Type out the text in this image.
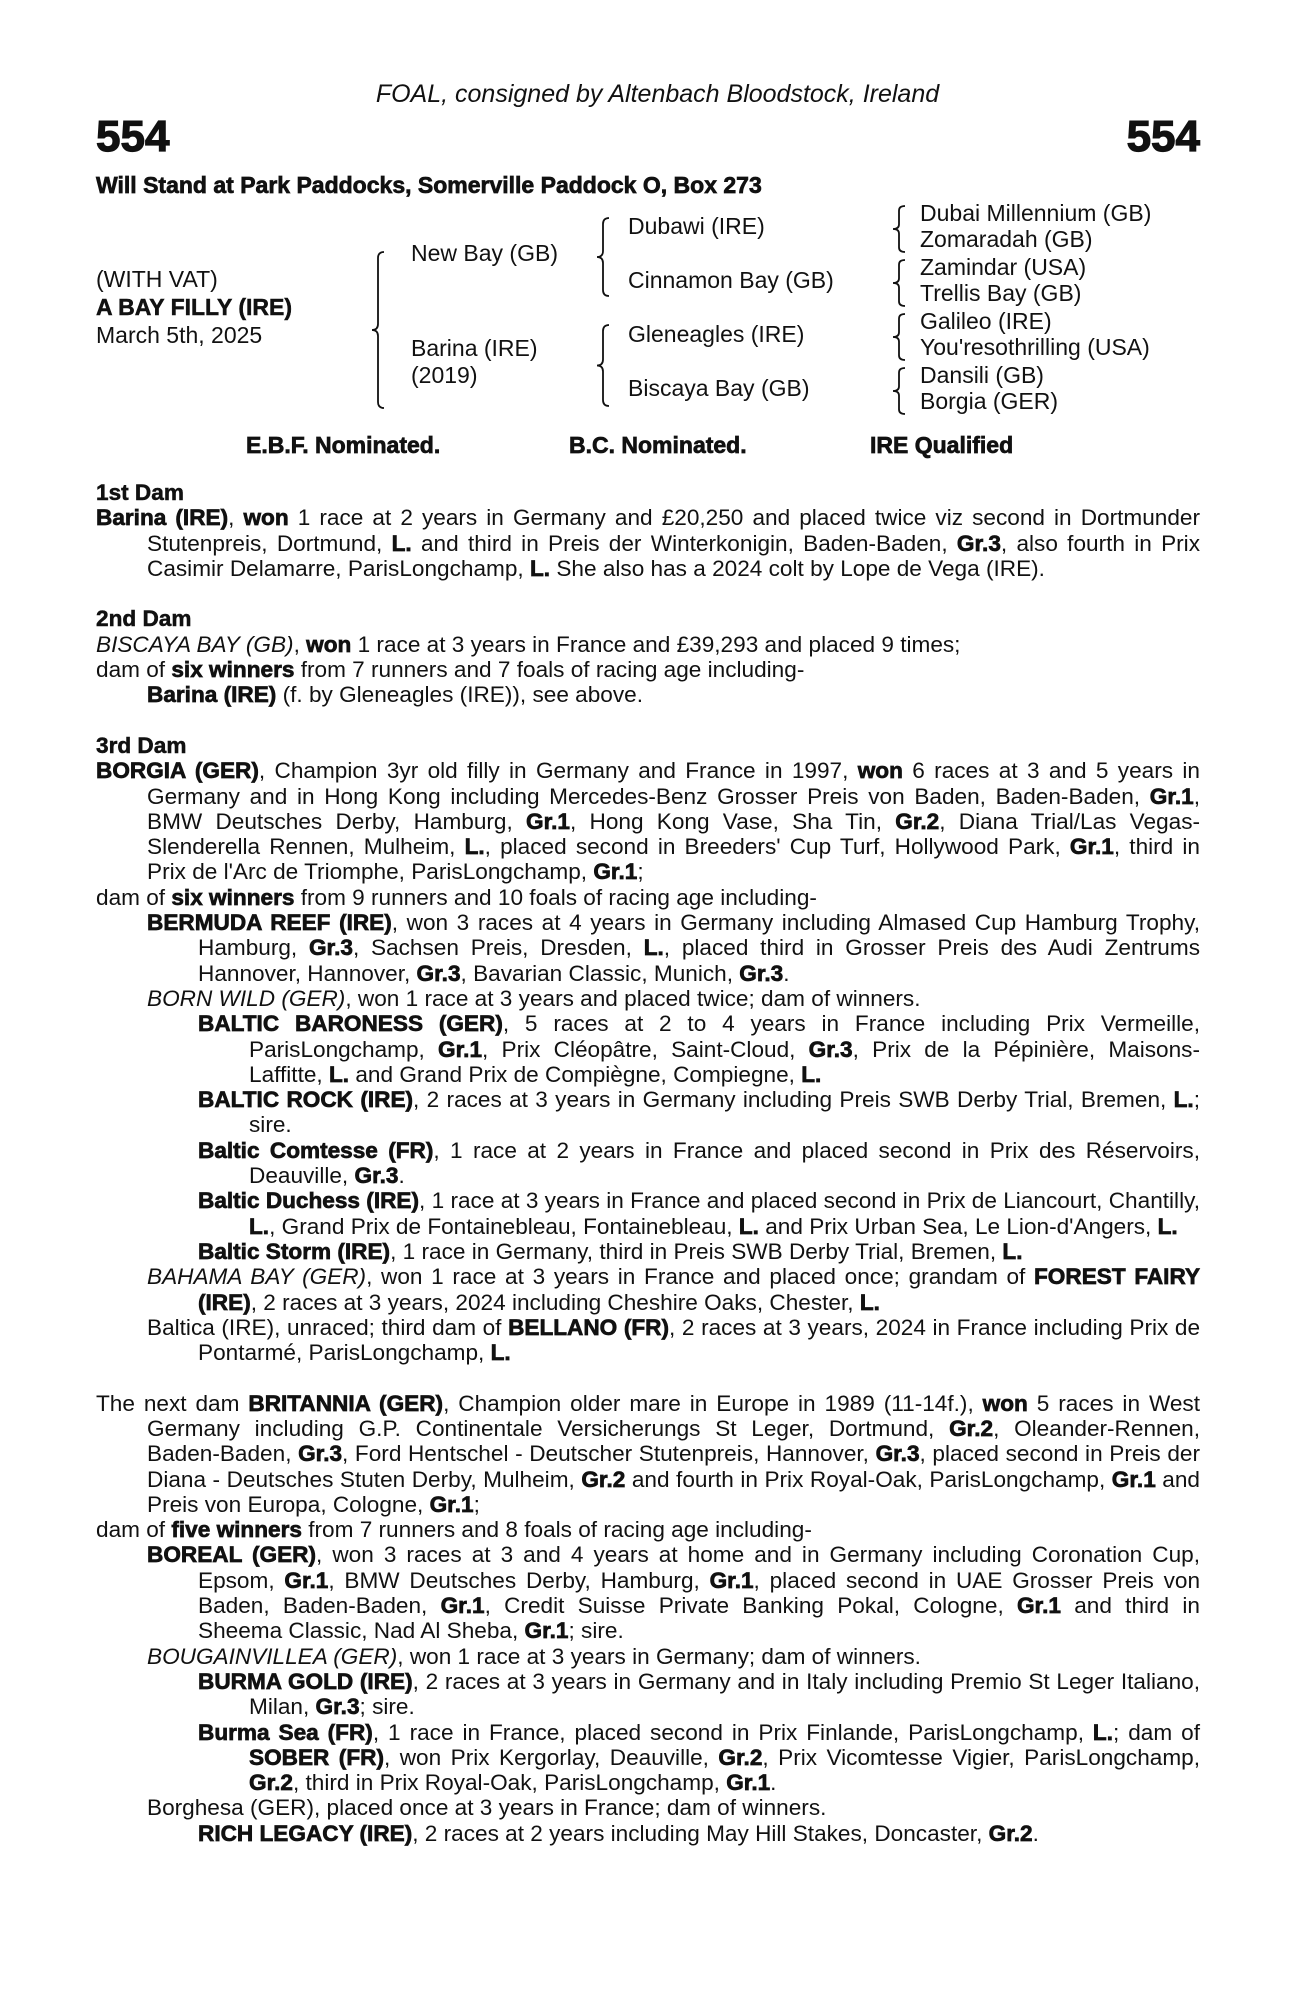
FOAL, consigned by Altenbach Bloodstock, Ireland
554	554
Will Stand at Park Paddocks, Somerville Paddock O, Box 273
(WITH VAT)
A BAY FILLY (IRE)
March 5th, 2025
New Bay (GB)
Barina (IRE)
(2019)
Dubawi (IRE)
Cinnamon Bay (GB)
Gleneagles (IRE)
Biscaya Bay (GB)
Dubai Millennium (GB)
Zomaradah (GB)
Zamindar (USA)
Trellis Bay (GB)
Galileo (IRE)
You'resothrilling (USA)
Dansili (GB)
Borgia (GER)
E.B.F. Nominated.	B.C. Nominated.	IRE Qualified
1st Dam
Barina (IRE), won 1 race at 2 years in Germany and £20,250 and placed twice viz second in Dortmunder Stutenpreis, Dortmund, L. and third in Preis der Winterkonigin, Baden-Baden, Gr.3, also fourth in Prix Casimir Delamarre, ParisLongchamp, L. She also has a 2024 colt by Lope de Vega (IRE).
2nd Dam
BISCAYA BAY (GB), won 1 race at 3 years in France and £39,293 and placed 9 times;
dam of six winners from 7 runners and 7 foals of racing age including-
Barina (IRE) (f. by Gleneagles (IRE)), see above.
3rd Dam
BORGIA (GER), Champion 3yr old filly in Germany and France in 1997, won 6 races at 3 and 5 years in Germany and in Hong Kong including Mercedes-Benz Grosser Preis von Baden, Baden-Baden, Gr.1, BMW Deutsches Derby, Hamburg, Gr.1, Hong Kong Vase, Sha Tin, Gr.2, Diana Trial/Las Vegas-Slenderella Rennen, Mulheim, L., placed second in Breeders' Cup Turf, Hollywood Park, Gr.1, third in Prix de l'Arc de Triomphe, ParisLongchamp, Gr.1;
dam of six winners from 9 runners and 10 foals of racing age including-
BERMUDA REEF (IRE), won 3 races at 4 years in Germany including Almased Cup Hamburg Trophy, Hamburg, Gr.3, Sachsen Preis, Dresden, L., placed third in Grosser Preis des Audi Zentrums Hannover, Hannover, Gr.3, Bavarian Classic, Munich, Gr.3.
BORN WILD (GER), won 1 race at 3 years and placed twice; dam of winners.
BALTIC BARONESS (GER), 5 races at 2 to 4 years in France including Prix Vermeille, ParisLongchamp, Gr.1, Prix Cléopâtre, Saint-Cloud, Gr.3, Prix de la Pépinière, Maisons-Laffitte, L. and Grand Prix de Compiègne, Compiegne, L.
BALTIC ROCK (IRE), 2 races at 3 years in Germany including Preis SWB Derby Trial, Bremen, L.; sire.
Baltic Comtesse (FR), 1 race at 2 years in France and placed second in Prix des Réservoirs, Deauville, Gr.3.
Baltic Duchess (IRE), 1 race at 3 years in France and placed second in Prix de Liancourt, Chantilly, L., Grand Prix de Fontainebleau, Fontainebleau, L. and Prix Urban Sea, Le Lion-d'Angers, L.
Baltic Storm (IRE), 1 race in Germany, third in Preis SWB Derby Trial, Bremen, L.
BAHAMA BAY (GER), won 1 race at 3 years in France and placed once; grandam of FOREST FAIRY (IRE), 2 races at 3 years, 2024 including Cheshire Oaks, Chester, L.
Baltica (IRE), unraced; third dam of BELLANO (FR), 2 races at 3 years, 2024 in France including Prix de Pontarmé, ParisLongchamp, L.
The next dam BRITANNIA (GER), Champion older mare in Europe in 1989 (11-14f.), won 5 races in West Germany including G.P. Continentale Versicherungs St Leger, Dortmund, Gr.2, Oleander-Rennen, Baden-Baden, Gr.3, Ford Hentschel - Deutscher Stutenpreis, Hannover, Gr.3, placed second in Preis der Diana - Deutsches Stuten Derby, Mulheim, Gr.2 and fourth in Prix Royal-Oak, ParisLongchamp, Gr.1 and Preis von Europa, Cologne, Gr.1;
dam of five winners from 7 runners and 8 foals of racing age including-
BOREAL (GER), won 3 races at 3 and 4 years at home and in Germany including Coronation Cup, Epsom, Gr.1, BMW Deutsches Derby, Hamburg, Gr.1, placed second in UAE Grosser Preis von Baden, Baden-Baden, Gr.1, Credit Suisse Private Banking Pokal, Cologne, Gr.1 and third in Sheema Classic, Nad Al Sheba, Gr.1; sire.
BOUGAINVILLEA (GER), won 1 race at 3 years in Germany; dam of winners.
BURMA GOLD (IRE), 2 races at 3 years in Germany and in Italy including Premio St Leger Italiano, Milan, Gr.3; sire.
Burma Sea (FR), 1 race in France, placed second in Prix Finlande, ParisLongchamp, L.; dam of SOBER (FR), won Prix Kergorlay, Deauville, Gr.2, Prix Vicomtesse Vigier, ParisLongchamp, Gr.2, third in Prix Royal-Oak, ParisLongchamp, Gr.1.
Borghesa (GER), placed once at 3 years in France; dam of winners.
RICH LEGACY (IRE), 2 races at 2 years including May Hill Stakes, Doncaster, Gr.2.
